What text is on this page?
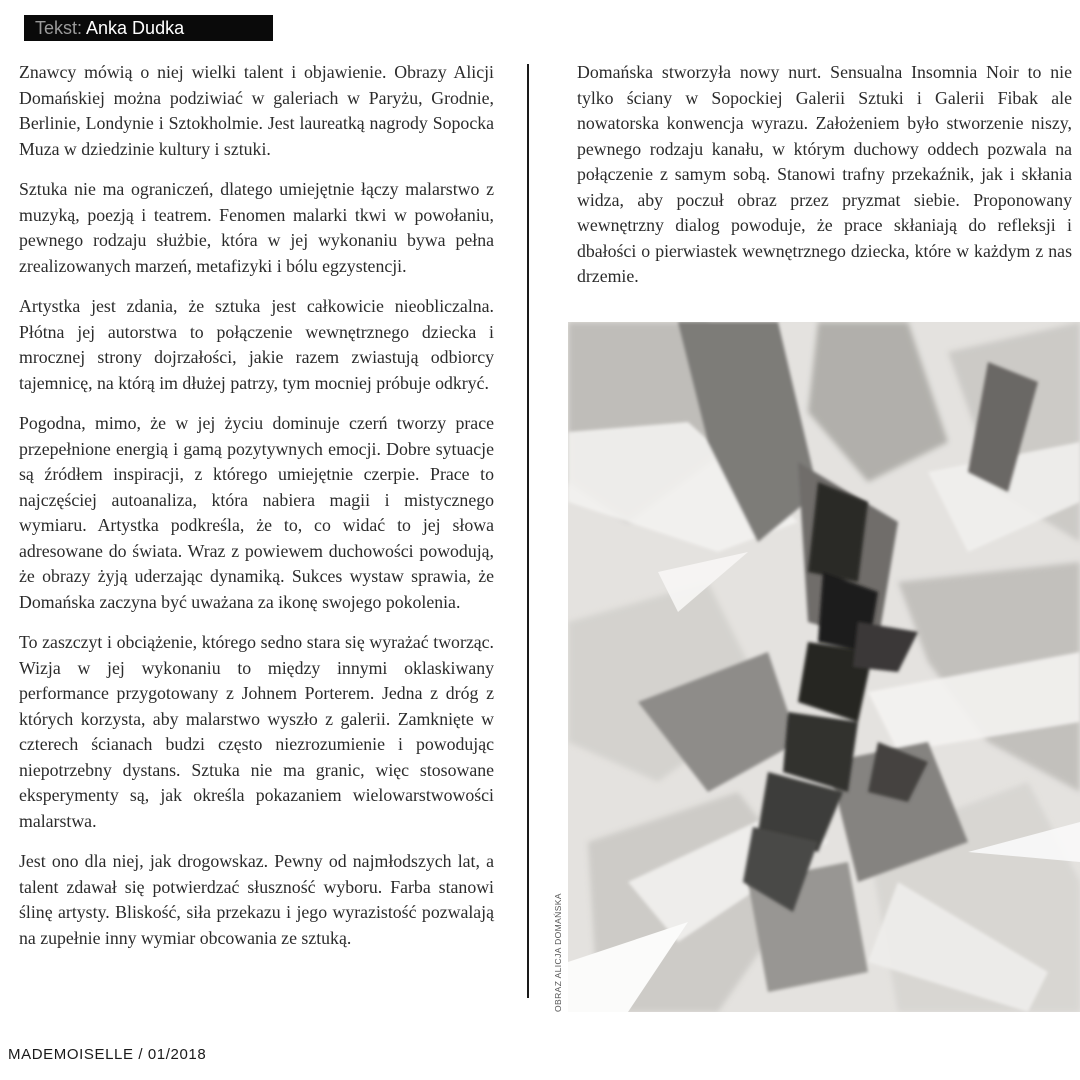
Tekst: Anka Dudka

Znawcy mówią o niej wielki talent i objawienie. Obrazy Alicji Domańskiej można podziwiać w galeriach w Paryżu, Grodnie, Berlinie, Londynie i Sztokholmie. Jest laureatką nagrody Sopocka Muza w dziedzinie kultury i sztuki.

Sztuka nie ma ograniczeń, dlatego umiejętnie łączy malarstwo z muzyką, poezją i teatrem. Fenomen malarki tkwi w powołaniu, pewnego rodzaju służbie, która w jej wykonaniu bywa pełna zrealizowanych marzeń, metafizyki i bólu egzystencji.

Artystka jest zdania, że sztuka jest całkowicie nieobliczalna. Płótna jej autorstwa to połączenie wewnętrznego dziecka i mrocznej strony dojrzałości, jakie razem zwiastują odbiorcy tajemnicę, na którą im dłużej patrzy, tym mocniej próbuje odkryć.

Pogodna, mimo, że w jej życiu dominuje czerń tworzy prace przepełnione energią i gamą pozytywnych emocji. Dobre sytuacje są źródłem inspiracji, z którego umiejętnie czerpie. Prace to najczęściej autoanaliza, która nabiera magii i mistycznego wymiaru. Artystka podkreśla, że to, co widać to jej słowa adresowane do świata. Wraz z powiewem duchowości powodują, że obrazy żyją uderzając dynamiką. Sukces wystaw sprawia, że Domańska zaczyna być uważana za ikonę swojego pokolenia.

To zaszczyt i obciążenie, którego sedno stara się wyrażać tworząc. Wizja w jej wykonaniu to między innymi oklaskiwany performance przygotowany z Johnem Porterem. Jedna z dróg z których korzysta, aby malarstwo wyszło z galerii. Zamknięte w czterech ścianach budzi często niezrozumienie i powodując niepotrzebny dystans. Sztuka nie ma granic, więc stosowane eksperymenty są, jak określa pokazaniem wielowarstwowości malarstwa.

Jest ono dla niej, jak drogowskaz. Pewny od najmłodszych lat, a talent zdawał się potwierdzać słuszność wyboru. Farba stanowi ślinę artysty. Bliskość, siła przekazu i jego wyrazistość pozwalają na zupełnie inny wymiar obcowania ze sztuką.

Domańska stworzyła nowy nurt. Sensualna Insomnia Noir to nie tylko ściany w Sopockiej Galerii Sztuki i Galerii Fibak ale nowatorska konwencja wyrazu. Założeniem było stworzenie niszy, pewnego rodzaju kanału, w którym duchowy oddech pozwala na połączenie z samym sobą. Stanowi trafny przekaźnik, jak i skłania widza, aby poczuł obraz przez pryzmat siebie. Proponowany wewnętrzny dialog powoduje, że prace skłaniają do refleksji i dbałości o pierwiastek wewnętrznego dziecka, które w każdym z nas drzemie.

OBRAZ ALICJA DOMAŃSKA
MADEMOISELLE / 01/2018
